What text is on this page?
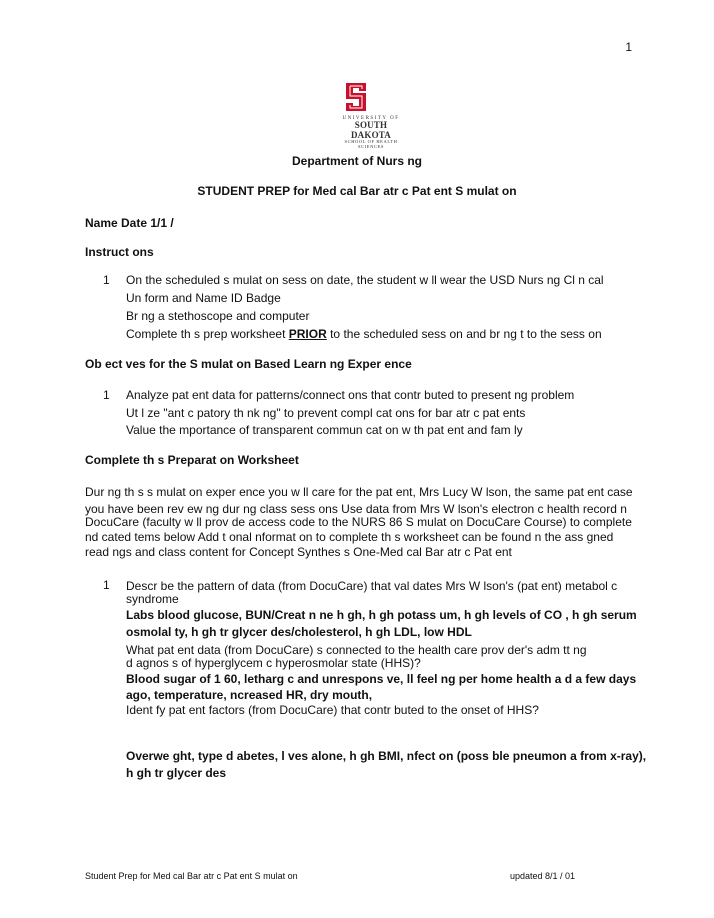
1
UNIVERSITY OF
SOUTH DAKOTA
SCHOOL OF HEALTH SCIENCES
Department of Nurs ng
STUDENT PREP for Med cal Bar atr c Pat ent S mulat on
Name Date 1/1 /
Instruct ons
1 On the scheduled s mulat on sess on date, the student w ll wear the USD Nurs ng Cl n cal
Un form and Name ID Badge
Br ng a stethoscope and computer
Complete th s prep worksheet PRIOR to the scheduled sess on and br ng t to the sess on
Ob ect ves for the S mulat on Based Learn ng Exper ence
1 Analyze pat ent data for patterns/connect ons that contr buted to present ng problem
Ut l ze "ant c patory th nk ng" to prevent compl cat ons for bar atr c pat ents
Value the mportance of transparent commun cat on w th pat ent and fam ly
Complete th s Preparat on Worksheet
Dur ng th s s mulat on exper ence you w ll care for the pat ent, Mrs Lucy W lson, the same pat ent case
you have been rev ew ng dur ng class sess ons Use data from Mrs W lson's electron c health record n
DocuCare (faculty w ll prov de access code to the NURS 86 S mulat on DocuCare Course) to complete
nd cated tems below Add t onal nformat on to complete th s worksheet can be found n the ass gned
read ngs and class content for Concept Synthes s One-Med cal Bar atr c Pat ent
1 Descr be the pattern of data (from DocuCare) that val dates Mrs W lson's (pat ent) metabol c
syndrome
Labs blood glucose, BUN/Creat n ne h gh, h gh potass um, h gh levels of CO , h gh serum
osmolal ty, h gh tr glycer des/cholesterol, h gh LDL, low HDL
What pat ent data (from DocuCare) s connected to the health care prov der's adm tt ng
d agnos s of hyperglycem c hyperosmolar state (HHS)?
Blood sugar of 1 60, letharg c and unrespons ve, ll feel ng per home health a d a few days
ago, temperature, ncreased HR, dry mouth,
Ident fy pat ent factors (from DocuCare) that contr buted to the onset of HHS?
Overwe ght, type d abetes, l ves alone, h gh BMI, nfect on (poss ble pneumon a from x-ray),
h gh tr glycer des
Student Prep for Med cal Bar atr c Pat ent S mulat on	updated 8/1 / 01
